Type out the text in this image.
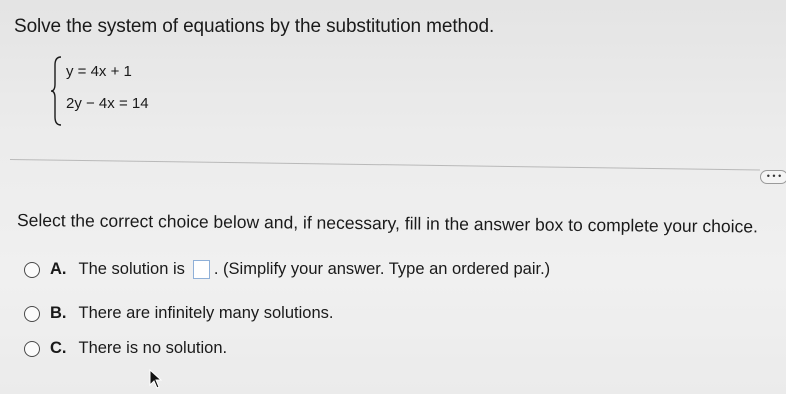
Solve the system of equations by the substitution method.
y = 4x + 1
2y − 4x = 14
• • •
Select the correct choice below and, if necessary, fill in the answer box to complete your choice.
A. The solution is . (Simplify your answer. Type an ordered pair.)
B. There are infinitely many solutions.
C. There is no solution.
